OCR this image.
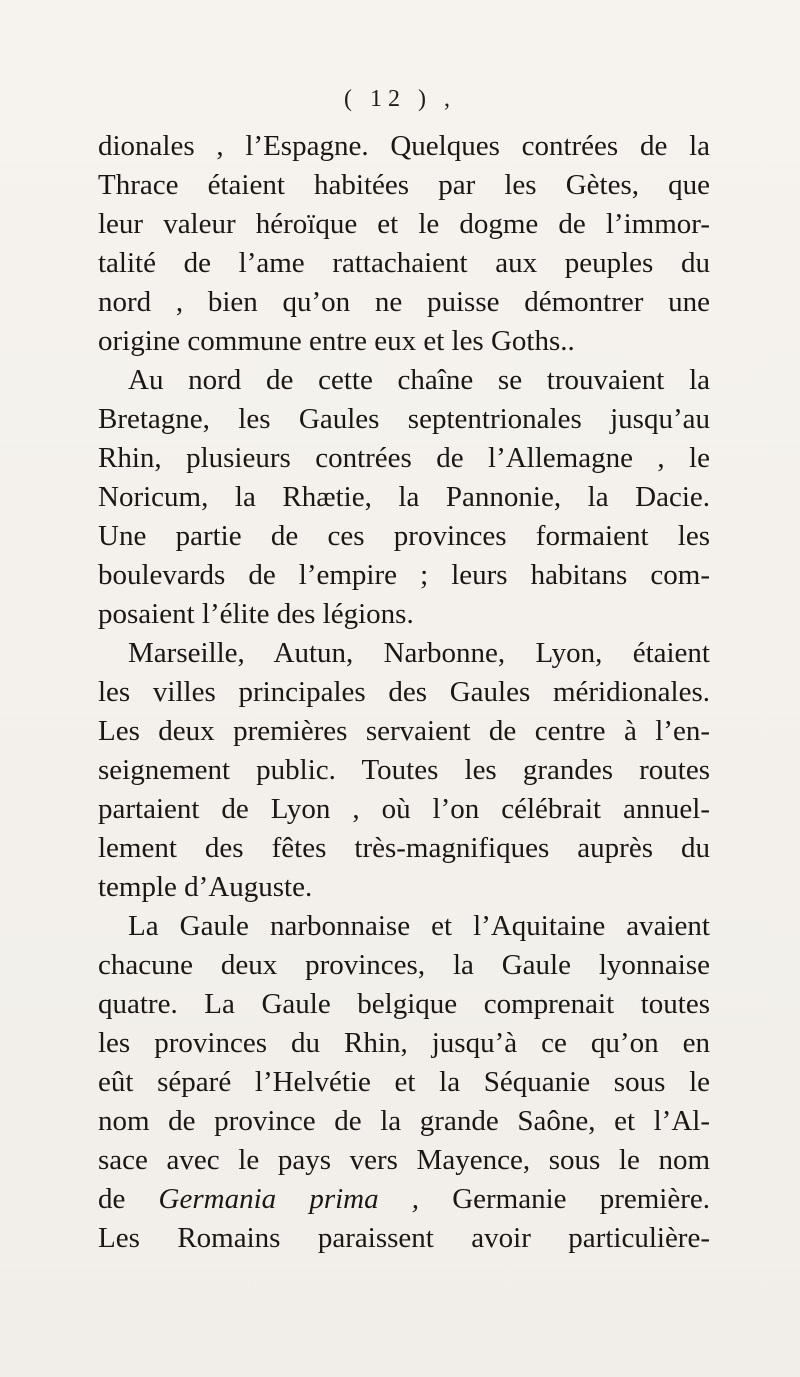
( 12 ) ,
dionales , l’Espagne. Quelques contrées de la
Thrace étaient habitées par les Gètes, que
leur valeur héroïque et le dogme de l’immor-
talité de l’ame rattachaient aux peuples du
nord , bien qu’on ne puisse démontrer une
origine commune entre eux et les Goths..
Au nord de cette chaîne se trouvaient la
Bretagne, les Gaules septentrionales jusqu’au
Rhin, plusieurs contrées de l’Allemagne , le
Noricum, la Rhætie, la Pannonie, la Dacie.
Une partie de ces provinces formaient les
boulevards de l’empire ; leurs habitans com-
posaient l’élite des légions.
Marseille, Autun, Narbonne, Lyon, étaient
les villes principales des Gaules méridionales.
Les deux premières servaient de centre à l’en-
seignement public. Toutes les grandes routes
partaient de Lyon , où l’on célébrait annuel-
lement des fêtes très-magnifiques auprès du
temple d’Auguste.
La Gaule narbonnaise et l’Aquitaine avaient
chacune deux provinces, la Gaule lyonnaise
quatre. La Gaule belgique comprenait toutes
les provinces du Rhin, jusqu’à ce qu’on en
eût séparé l’Helvétie et la Séquanie sous le
nom de province de la grande Saône, et l’Al-
sace avec le pays vers Mayence, sous le nom
de Germania prima , Germanie première.
Les Romains paraissent avoir particulière-
